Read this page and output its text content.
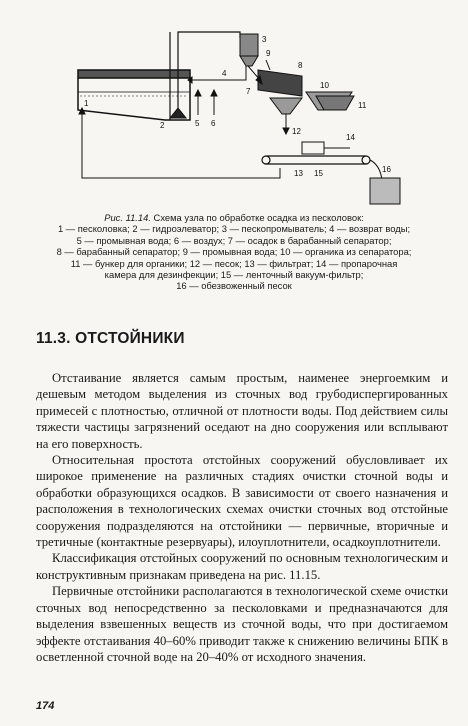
1
2
3
4
5 6
7
8
9
10
11
12
13
14
15	16
Рис. 11.14. Схема узла по обработке осадка из песколовок:
1 — песколовка; 2 — гидроэлеватор; 3 — пескопромыватель; 4 — возврат воды;
5 — промывная вода; 6 — воздух; 7 — осадок в барабанный сепаратор;
8 — барабанный сепаратор; 9 — промывная вода; 10 — органика из сепаратора;
11 — бункер для органики; 12 — песок; 13 — фильтрат; 14 — пропарочная
камера для дезинфекции; 15 — ленточный вакуум-фильтр;
16 — обезвоженный песок
11.3. ОТСТОЙНИКИ

Отстаивание является самым простым, наименее энергоемким и дешевым методом выделения из сточных вод грубодиспергированных примесей с плотностью, отличной от плотности воды. Под действием силы тяжести частицы загрязнений оседают на дно сооружения или всплывают на его поверхность.

Относительная простота отстойных сооружений обусловливает их широкое применение на различных стадиях очистки сточной воды и обработки образующихся осадков. В зависимости от своего назначения и расположения в технологических схемах очистки сточных вод отстойные сооружения подразделяются на отстойники — первичные, вторичные и третичные (контактные резервуары), илоуплотнители, осадкоуплотнители.

Классификация отстойных сооружений по основным технологическим и конструктивным признакам приведена на рис. 11.15.

Первичные отстойники располагаются в технологической схеме очистки сточных вод непосредственно за песколовками и предназначаются для выделения взвешенных веществ из сточной воды, что при достигаемом эффекте отстаивания 40–60% приводит также к снижению величины БПК в осветленной сточной воде на 20–40% от исходного значения.

174
